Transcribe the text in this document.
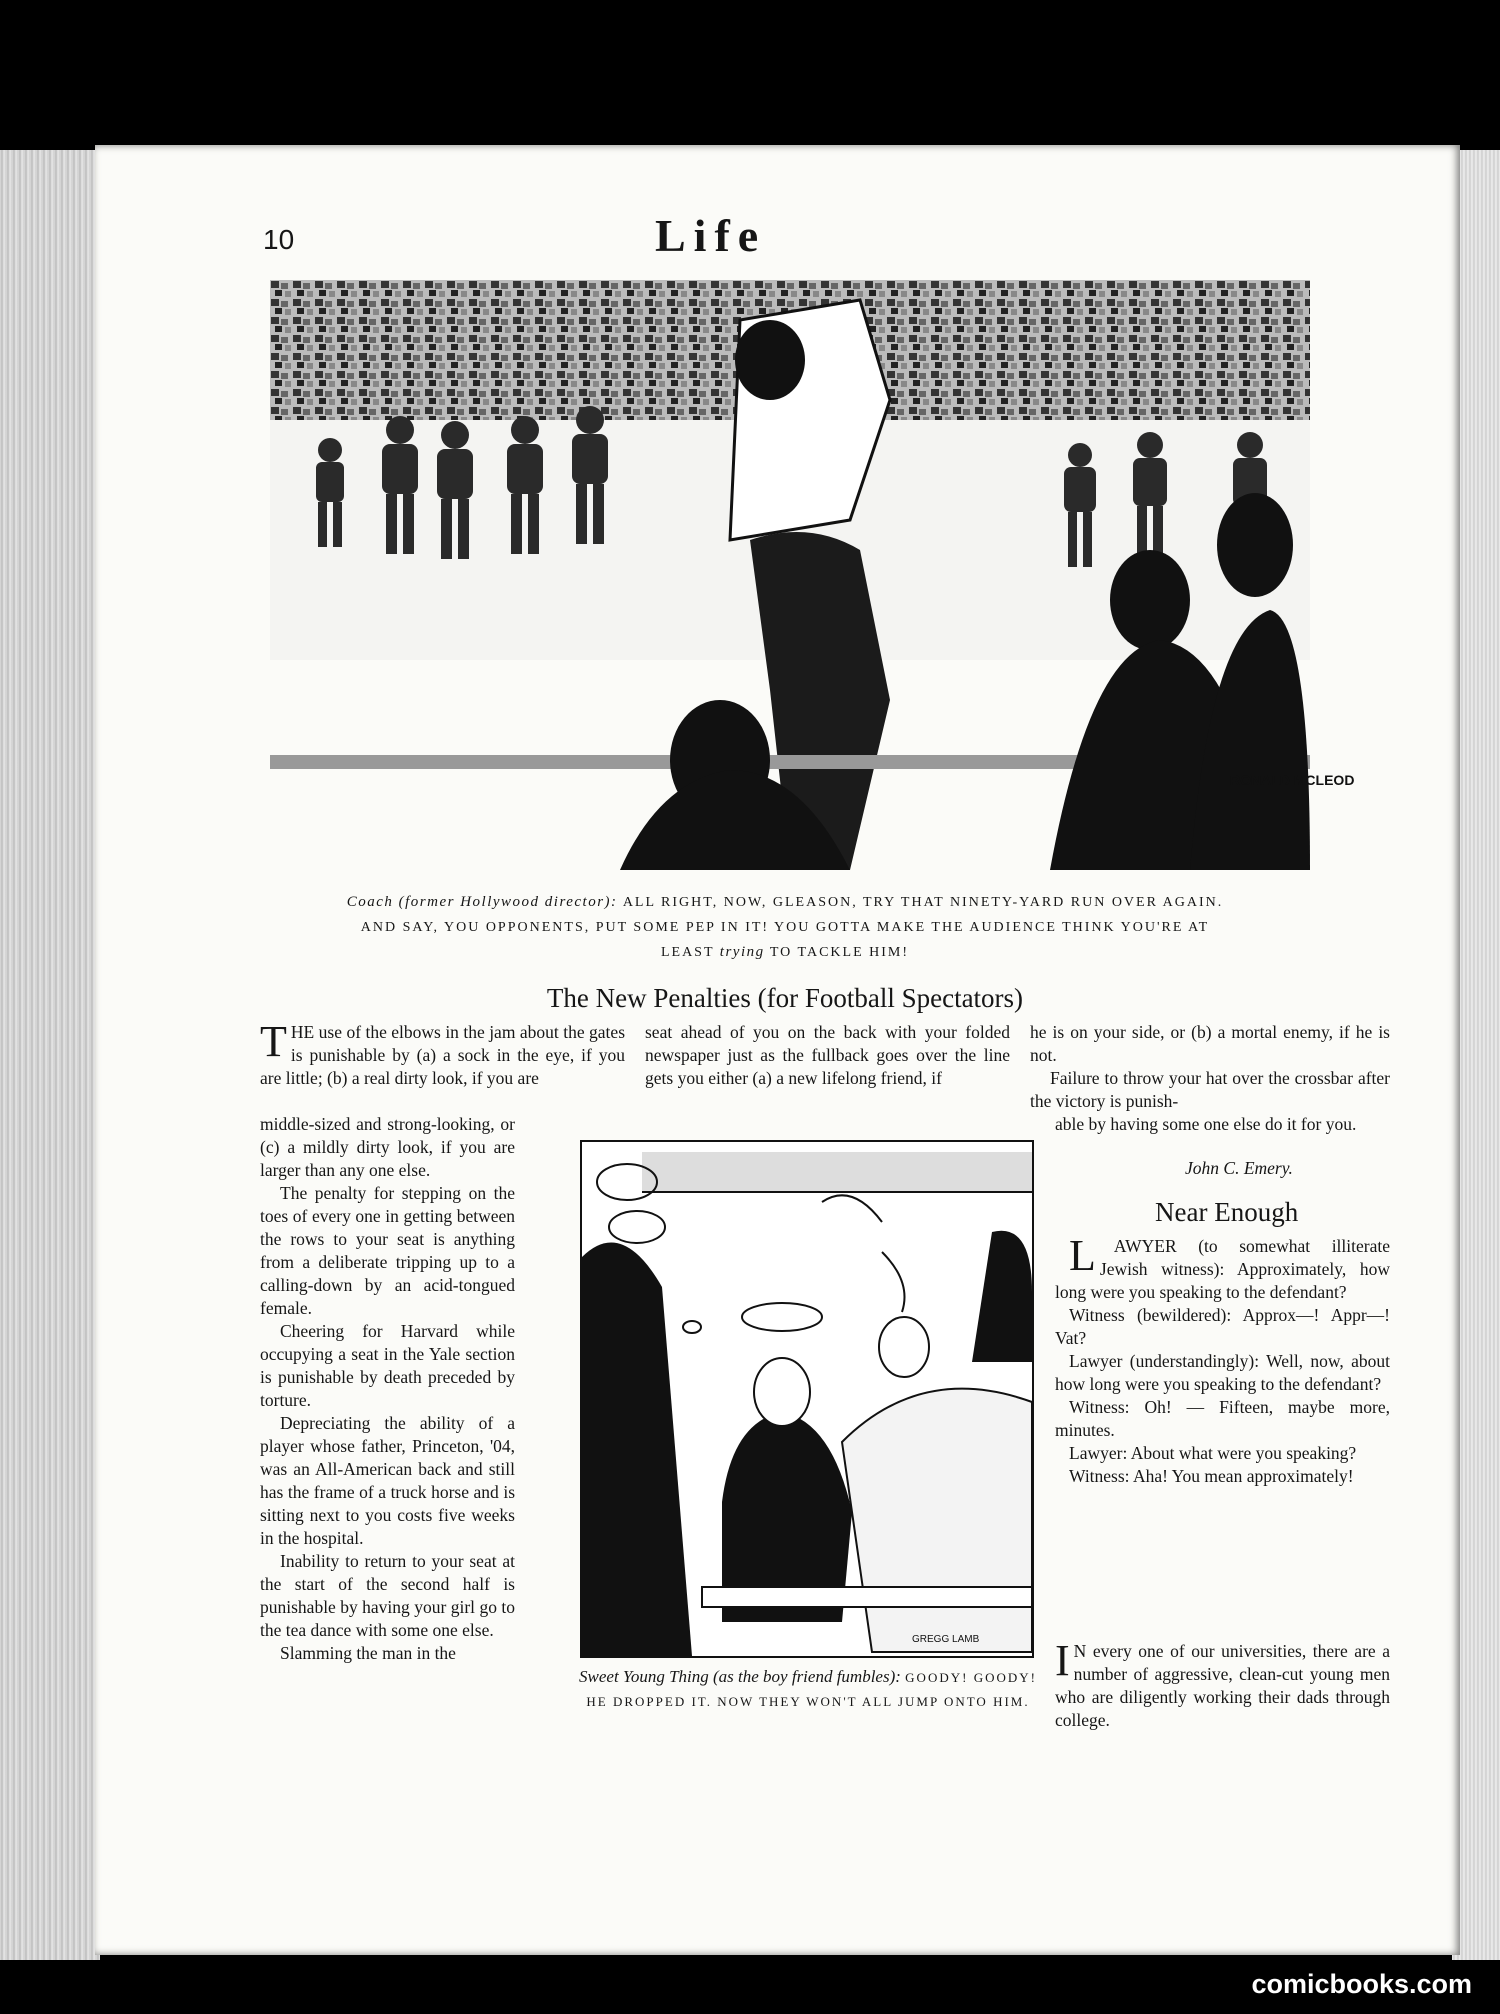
10	Life
RONALD MCLEOD
Coach (former Hollywood director): ALL RIGHT, NOW, GLEASON, TRY THAT NINETY-YARD RUN OVER AGAIN. AND SAY, YOU OPPONENTS, PUT SOME PEP IN IT! YOU GOTTA MAKE THE AUDIENCE THINK YOU'RE AT LEAST trying TO TACKLE HIM!
The New Penalties (for Football Spectators)
THE use of the elbows in the jam about the gates is punishable by (a) a sock in the eye, if you are little; (b) a real dirty look, if you are
seat ahead of you on the back with your folded newspaper just as the fullback goes over the line gets you either (a) a new lifelong friend, if

he is on your side, or (b) a mortal enemy, if he is not.

Failure to throw your hat over the crossbar after the victory is punish-

middle-sized and strong-looking, or (c) a mildly dirty look, if you are larger than any one else.

The penalty for stepping on the toes of every one in getting between the rows to your seat is anything from a deliberate tripping up to a calling-down by an acid-tongued female.

Cheering for Harvard while occupying a seat in the Yale section is punishable by death preceded by torture.

Depreciating the ability of a player whose father, Princeton, '04, was an All-American back and still has the frame of a truck horse and is sitting next to you costs five weeks in the hospital.

Inability to return to your seat at the start of the second half is punishable by having your girl go to the tea dance with some one else.

Slamming the man in the

able by having some one else do it for you.
John C. Emery.
GREGG LAMB
Sweet Young Thing (as the boy friend fumbles): GOODY! GOODY! HE DROPPED IT. NOW THEY WON'T ALL JUMP ONTO HIM.
Near Enough

L AWYER (to somewhat illiterate Jewish witness): Approximately, how long were you speaking to the defendant?

Witness (bewildered): Approx—! Appr—! Vat?

Lawyer (understandingly): Well, now, about how long were you speaking to the defendant?

Witness: Oh! — Fifteen, maybe more, minutes.

Lawyer: About what were you speaking?

Witness: Aha! You mean approximately!

I N every one of our universities, there are a number of aggressive, clean-cut young men who are diligently working their dads through college.
comicbooks.com
